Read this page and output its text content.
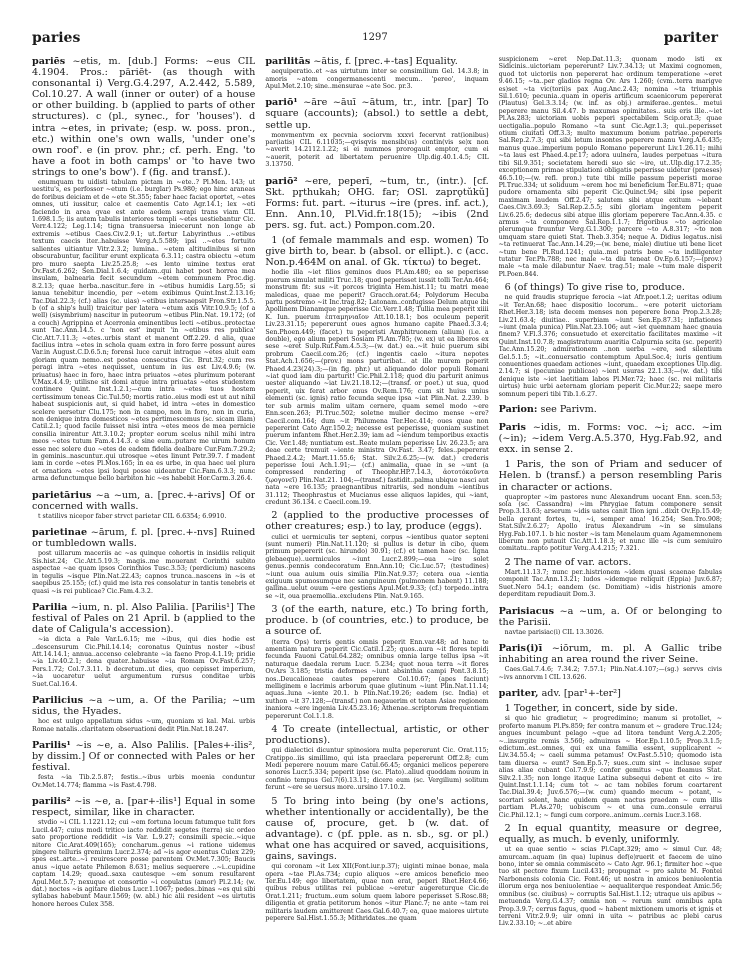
paries	1297	pariter

pariēs ~etis, m. [dub.] Forms: ~eus CIL 4.1904. Pros.: pāriēt- (as though with consonantal i) Verg.G.4.297, A.2.442, 5.589, Col.10.27. A wall (inner or outer) of a house or other building. b (applied to parts of other structures). c (pl., synec., for 'houses'). d intra ~etes, in private; (esp. w. poss. pron., etc.) within one's own walls, 'under one's own roof'. e (in prov. phr.; cf. perh. Eng. 'to have a foot in both camps' or 'to have two strings to one's bow'). f (fig. and transf.).

enumquam tu uidisti tabulam pictam in ~ete..? Pl.Men. 143; ut uestitu's, es perfossor ~etum (i.e. burglar) Ps.980; ego hinc araneas de foribus deiciam et de ~ete St.355; faber haec faciat oportet, ~etes omnes, uti iussitur, calce et caementis Cato Agr.14.1; lex ~eti faciendo in area qvae est ante aedem serapi trans viam CIL 1.698.1.5; iis autem tabulis interiores templi ~etes uestiebantur Cic. Verr.4.122; Leg.1.14; tigna transuersa iniecerunt non longe ab extremis ~etibus Caes.Civ.2.9.1; ut..fertur Labyrinthus ..~etibus textum caecis iter..habuisse Verg.A.5.589; ipsi ..~etes fortuito salientes uitiantur Vitr.2.3.2; lumina.. ~etem altitudinibus si non obscurabuntur, facilitur erunt explicata 6.3.11; castra obiectu ~etum pro muro saepta Liv.25.25.8; ~es lento uimine textus erat Ov.Fast.6.262; Sen.Dial.1.6.4; quidam..qui habet post horrea mea insulam, balnearia fecit secundum ~etem communem Proc.dig. 8.2.13; quae herba..nascitur..fere in ~etibus humidis Larg.55; si ianua tenebitur incendio, per ~etem exibimus Quint.Inst.2.13.16; Tac.Dial.22.3; (cf.) alias (sc. uias) ~etibus intersaepsit Fron.Str.1.5.5. b (of a ship's hull) traicitur per latera ~etum axis Vitr.10.9.5; (of a well) (sisymbrium) nascitur in puteorum ~etibus Plin.Nat. 19.172; (of a couch) Agrippina et Acerronia eminentibus lecti ~etibus..protectae sunt Tac.Ann.14.5. c 'non est' inquit 'in ~etibus res publica' Cic.Att.7.11.3; ~etes..urbis stant et manent Off.2.29. d alia, quae facilius intra ~etes in schola quam extra in foro ferre possunt aures Var.in August.C.D.6.5.n; forensi luce caruit intraque ~etes aluit eam gloriam quam nemo..est postea consecutus Cic. Brut.32; cum res peragi intra ~etes nequisset, uentum in ius est Liv.4.9.6; (w. priuatus) haec in foro, haec intra priuatos ~etes plurimum poterant V.Max.4.4.9; utilisne sit domi atque intra priuatas ~etes studentem continere Quint. Inst.1.2.1;—cum intra ~etes tuos hostem certissimum teneas Cic.Tul.50; mortis ratio..eius modi est ut aut nihil habeat suspicionis aut, si quid habet, id intra ~etes in domestico scelere uersetur Clu.175; non in campo, non in foro, non in curia, non denique intra domesticos ~etes pertimescemus (sc. sicam illam) Catil.2.1; quod facile fuisset nisi intra ~etes meos de mea pernicie consilia inirentur Att.3.10.2; propter eorum scelus nihil mihi intra meos ~etes tutum Fam.4.14.3. e sine eum..putare me uirum bonum esse nec solere duo ~etes de eadem fidelia dealbare Cur.Fam.7.29.2; in geminis..nascuntur..qui utrosque ~etes linunt Petr.39.7. f madent iam in corde ~etes Pl.Mos.165; in ea es urbe, in qua haec uel plura et ornatiora ~etes ipsi loqui posse uideantur Cic.Fam.6.3.3; nunc arma defunctumque bello barbiton hic ~es habebit Hor.Carm.3.26.4.

parietārius ~a ~um, a. [prec.+-arivs] Of or concerned with walls.

t statilivs nicepor faber strvct parietar CIL 6.6354; 6.9910.

parietinae ~ārum, f. pl. [prec.+-nvs] Ruined or tumbledown walls.

post uillarum maceriis ac ~as quinque cohortis in insidiis reliquit Sis.hist.24; Cic.Att.5.19.3; magis..me mouerant Corinthi subito aspectae ~ae quam ipsos Corinthios Tusc.3.53; (perdicium) nascens in tegulis ~isque Plin.Nat.22.43; capnos trunca..nascens in ~is et saepibus 25.155; (cf.) quid me ista res consolatur in tantis tenebris et quasi ~is rei publicae? Cic.Fam.4.3.2.

Parilia ~ium, n. pl. Also Palilia. [Parilis¹] The festival of Pales on 21 April. b (applied to the date of Caligula's accession).

~ia dicta a Pale Var.L.6.15; me ~ibus, qui dies hodie est ..descensurum Cic.Phil.14.14; coronatus Quintus noster ~ibus! Att.14.14.1; annua..accenso celebrante ~ia faeno Prop.4.1.19; pridie ~ia Liv.40.2.1; dena quater..habuisse ~ia Romam Ov.Fast.6.257; Pers.1.72; Col.7.3.11. b decretum..ut dies, quo cepisset imperium, ~ia uocaretur uelut argumentum rursus conditae urbis Suet.Cal.16.4.

Parilicius ~a ~um, a. Of the Parilia; ~um sidus, the Hyades.

hoc est uulgo appellatum sidus ~um, quoniam xi kal. Mai. urbis Romae natalis..claritatem obseruationi dedit Plin.Nat.18.247.

Parilis¹ ~is ~e, a. Also Palilis. [Pales+-ilis², by dissim.] Of or connected with Pales or her festival.

festa ~ia Tib.2.5.87; festis..~ibus urbis moenia conduntur Ov.Met.14.774; flamma ~is Fast.4.798.

parilis² ~is ~e, a. [par+-ilis¹] Equal in some respect, similar, like in character.

stvdio ~i CIL 1.1221.12; cui ~em fortuna locum fatumque tulit fors Lucil.447; cuius modi tritico iacto reddidit segetes (terra) sic ordeo sato proportione reddidit ~is Var. L.9.27; consimili specie..~ique nitore Cic.Arat.409(165); concharum..genus ~i ratione uidemus pingere telluris gremium Lucr.2.374; ad ~is agor euentus Culex 229; spes est..arte..~i reuirescere posse parentem Ov.Met.7.305; Baucis anus ~ique aetate Philemon 8.631; melius sequerere ..~i..cupidine captam 14.29; quoad..saxa cautesque ~em sonum resultarent Apul.Met.5.7; nexuque et consortio ~i copulatus (amor) Pl.2.14; (w. dat.) noctes ~is agitare diebus Lucr.1.1067; pedes..binas ~es qui sibi syllabas habebunt Maur.1569; (w. abl.) hic alii resident ~es uirtutis honore heroes Culex 358.

parilitās ~ātis, f. [prec.+-tas] Equality.

aequiperatio..et ~as uirtutum inter se consimilium Gel. 14.3.8; in amoris ~atem congermanescenti mecum.. 'pereo', inquam Apul.Met.2.10; sine..mensurae ~ate Soc. pr.3.

pariō¹ ~āre ~āuī ~ātum, tr., intr. [par] To square (accounts); (absol.) to settle a debt, settle up.

monvmentvm ex pecvnia sociorvm xxxvi fecervnt rat(ionibus) par(iatis) CIL 6.11035;—qvisqvis mensib(us) contin(vis se)x non ~averit 14.2112.1.22; si ei nummos prorogauit emptor, cum ei ~auerit, poterit ad libertatem peruenire Ulp.dig.40.1.4.5; CIL 3.13750.

pariō² ~ere, peperī, ~tum, tr., (intr.). [cf. Skt. pr̥thukah; OHG. far; OSl. zaprǫtŭkŭ] Forms: fut. part. ~iturus ~ire (pres. inf. act.), Enn. Ann.10, Pl.Vid.fr.18(15); ~ibis (2nd pers. sg. fut. act.) Pompon.com.20.

1 (of female mammals and esp. women) To give birth to, bear. b (absol. or ellipt.). c (acc. Non.p.464M on anal. of Gk. τίκτω) to beget.

hodie illa ~iet filios geminos duos Pl.Am.480; ea se peperisse puerum simulat militi Truc.18; quod peperisset iussit tolli Ter.An.464; monstrum fit: sus ~it porcos triginta Hem.hist.11; tu matri meae maledicas, quae me peperit? Gracch.orat.64; Polydorum Hecuba partu postremo ~it Inc.trag.82; Latonam..confugisse Delum atque ibi Apollinem Dianamque peperisse Cic.Verr.1.48; Tullia mea peperit xiiii K. Iun. puerum ἑπταμηνιαῖον Att.10.18.1; bos oculeum peperit Liv.23.31.15; pepererunt oues agnos humano capite Phaed.3.3.4; Sen.Phoen.449; (facet.) tu peperisti Amphitruonem (alium) (i.e. a double), ego alium peperi Sosiam Pl.Am.785; (w. ex) ut ea liberos ex sese ~eret Sulp.Ruf.Fam.4.5.3;—(w. dat.) ea..~it huic puerum sibi probrum Caecil.com.26; (cf.) ingentis caelo ~itura nepotes Stat.Ach.1.656;—(prov.) mons parturibat.. at ille murem peperit Phaed.4.23(24).3;—(in fig. phr.) ut aliquando dolor populi Romani ~iat quod iam diu parturit! Cic.Phil.2.118; quod diu parturit animus uester aliquando ~iat Liv.21.18.12;—(transf. or poet.) ut sua, quod peperit, uix ferat arbor onus Ov.Rem.176; cum sit huius unius elementi (sc. ignis) ratio fecunda seque ipsa ~iat Plin.Nat. 2.239. b ter sub armis malim uitam cernere, quam semel modo ~ere Enn.scen.263; Pl.Truc.502; soletne mulier decimo mense ~ere? Caecil.com.164; dum ~it Philumena Ter.Hec.414; oues quae non pepererint Cato Agr.150.2; necesse est peperisse, quoniam sustinet puerum infantem Rhet.Her.2.39; iam ad ~iendum temporibus exactis Cic. Ver.1.48; nuntiatum est..Reate mulam peperisse Liv. 26.23.5; ara deae certe tremuit ~iente ministra Ov.Fast. 3.47; feles..pepererat Phaed.2.4.2; Mart.11.55.6; Stat. Silv.2.6.25;—(w. dat.) crederis peperisse Ioui Ach.1.91;— (cf.) animalia, quae in se ~unt (a compressed rendering of Theophr.HP.7.14.3, ἀοτοτόκοῦντα ζῳογονεῖ) Plin.Nat.21. 104;—(transf.) fastidit..palma ubique nasci aut nata ~ere 16.135; praegnantibus nitrariis, sed nondum ~ientibus 31.112; Theophrastus et Mucianus esse aliquos lapides, qui ~iant, credunt 36.134. c Caecil.com.19.

2 (applied to the productive processes of other creatures; esp.) to lay, produce (eggs).

culici et uermiculis ter septeni, corpus ~ientibus quator septeni (sunt numeri) Plin.Nat.11.120; si pullus is detur in cibo, quem primum pepererit (sc. hirundo) 30.91; (cf.) et tamen haec (sc. ligna glebaeque)..uermiculos ~iunt Lucr.2.899;—oua ~ire solet genus..pennis condecoratum Enn.Ann.10; Cic.Luc.57; (testudines) ~iunt oua auium ouis similia Plin.Nat.9.37; cetera oua ~ientia exiguum spumosumque nec sanguineum (pulmonem habent) 11.188; gallina..uelut ouum ~ere gestiens Apul.Met.9.33; (cf.) torpedo..intra se ~it, oua praemollia..excludens Plin. Nat.9.165.

3 (of the earth, nature, etc.) To bring forth, produce. b (of countries, etc.) to produce, be a source of.

(terra Ops) terris gentis omnis peperit Enn.var.48; ad hanc te amentiam natura peperit Cic.Catil.1.25; quos..aura ~it flores tepidi fecunda Fauoni Catul.64.282; omnibus omnia large tellus ipsa ~it naturaque daedala rerum Lucr. 5.234; quot noua terra ~it flores Ov.Ars 3.185; tristia deformes ~iunt absinthia campi Pont.3.8.15; nos..Deucalioneae cautes peperere Col.10.67; (apes faciunt) melliginem e lacrimis arborum quae glutinum ~iunt Plin.Nat.11.14; aquas..luna ~iente 20.1. b Plin.Nat.19.26; eadem (sc. India) et xuthon ~it 37.128;—(transf.) non negauerim et totam Asiae regionem inaniora ~ere ingenia Liv.45.23.16; Athenae..scriptorum frequentiam pepererunt Col.1.1.8.

4 To create (intellectual, artistic, or other productions).

qui dialectici dicuntur spinosiora multa pepererunt Cic. Orat.115; Cratippo..iis simillimo, qui ista praeclara pepererunt Off.2.8; cum Medi peperere nouum mare Catul.66.45; organici melicos peperere sonores Lucr.5.334; peperit ipse (sc. Plato)..aliud quoddam nouum in confinio tempus Gel.7(6).13.11; dicere eum (sc. Vergilium) solitum ferunt ~ere se uersus more..ursino 17.10.2.

5 To bring into being (by one's actions, whether intentionally or accidentally), be the cause of, procure, get. b (w. dat. of advantage). c (pf. pple. as n. sb., sg. or pl.) what one has acquired or saved, acquisitions, gains, savings.

qui coronam ~it Lex XII(Font.iur.p.37); uiginti minae bonae, mala opera ~tae Pl.As.734; cupio aliquos ~ere amicos beneficio meo Ter.Eu.149; ego libertatem, quae non erat, peperi Rhet.Her.4.66; quibus rebus utilitas rei publicae ~eretur augereturque Cic.de Orat.1.211; fructum..eum solum quem labore peperisset S.Rosc.88; diligentia et gratia petitorum honos ~itur Planc.7; ne ante ~tam rei militaris laudem amitterent Caes.Gal.6.40.7; ea, quae maiores uirtute peperere Sal.Hist.1.55.3; Mithridates..ne quam

suspicionem ~eret Nep.Dat.11.3; quonam modo isti ex Sidicinis..uictoriam pepererunt? Liv.7.34.13; ut Maximi cognomen, quod tot uictoriis non pepererat hac ordinum temperatione ~eret 9.46.15; ~ta..per gladios regna Ov. Ars 1.260; (cvm..terra marigve es)set ~ta vic(torii)s pax Aug.Anc.2.43; nomina ~ta triumphis Sil.1.610; pecunia..quam in operis artificum scaenicorum pepererat (Plautus) Gel.3.3.14; (w. inf. as obj.) armiferae..gentes.. metui peperere manu Sil.4.47. b maxumas opimitates.. suis eris ille..~iet Pl.As.283; uictoriam uobis peperi spectabilem Scip.orat.3; quae uectigalia..populo Romano ~ta sunt Cic.Agr.1.3; qui..peperisset otium ciuitati Off.3.3; multo maxumum bonum patriae..pepereris Sal.Rep.2.7.3; qui sibi letum insontes peperere manu Verg.A.6.435; manus quae..imperium populo Romano pepererunt Liv.1.26.11; mihi ~ta laus est Phaed.4.pr.17; adora uulnera, laudes perpetuas ~itura tibi Sil.9.351; societatem heredi suo sic ~ire, ut..Ulp.dig.17.2.35; exceptionem primae stipulationi obligatis peperisse uidetur (praeses) 46.5.10;—(w. refl. pron.) tute tibi mille passum peperisti morae Pl.Truc.334; ut soliduum ~erem hoc mi beneficium Ter.Eu.871; quae pudore ornamenta sibi peperit Cic.Quinct.94; sibi ipse peperit maximam laudem Off.2.47; salutem sibi atque exitum ~iebant Caes.Civ.3.69.3; Sal.Rep.2.5.5; sibi gloriam ingentem peperit Liv.6.25.6; dedecus sibi atque illis gloriam peperere Tac.Ann.4.35. c armus ~ta componere Sal.Rep.1.1.7; frigoribus ~to agricolae plerumque fruuntur Verg.G.1.300; parcere ~to A.8.317; ~to non umquam stare quieti Stat. Theb.3.354; neque A. Didius legatus..nisi ~ta retinuerat Tac.Ann.14.29;—(w. bene, male) diutiue uti bene licet ~tum bene Pl.Rud.1241; quia..mei patris bene ~ta indiligenter tutatur Ter.Ph.788; nec male ~ta diu teneat Ov.Ep.6.157;—(prov.) male ~ta male dilabuntur Naev. trag.51; male ~tum male disperit Pl.Poen.844.

6 (of things) To give rise to, produce.

ne quid fraudis stuprique ferocia ~iat Afr.poet.1.2; ueritas odium ~it Ter.An.68; haec dispositio locorum.. ~ere poterit uictoriam Rhet.Her.3.18; ista decem menses non peperere bona Prop.2.3.28; Liv.21.63.4; diuitiae.. superbiam ~iunt Sen.Ep.87.31; inflationes ~iunt (mala punica) Plin.Nat.23.106; aut ~iet quemnam haec gnauia finem? V.Fl.3.376; consuetudo et exercitatio facilitates maxime ~it Quint.Inst.10.7.8; magistratuum auaritia Calpurnia scita (sc. peperit) Tac.Ann.15.20; admirationem ..non uerba ~ere, sed silentium Gel.5.1.5; ~it..conuersatio contemptum Apul.Soc.4; iuris gentium conuentiones quaedam actiones ~iunt, quaedam exceptiones Ulp.dig. 2.14.7; si (pecuniae publicae) ~ient usuras 22.1.33;—(w. dat.) tibi denique iste ~iet laetitiam labos Pl.Mer.72; haec (sc. rei militaris uirtus) huic urbi aeternam gloriam peperit Cic.Mur.22; saepe mero somnum peperi tibi Tib.1.6.27.

Parion: see Parivm.

Paris ~idis, m. Forms: voc. ~i; acc. ~im (~in); ~idem Verg.A.5.370, Hyg.Fab.92, and exx. in sense 2.

1 Paris, the son of Priam and seducer of Helen. b (transf.) a person resembling Paris in character or actions.

quapropter ~im pastores nunc Alexandrum uocant Enn. scen.53; sola (sc. Cassandra) ~im Phrygiae fatum componere sensit Prop.3.13.63; arserum ~idis uates canit Ilion igni ..dixit Ov.Ep.15.49; bella gerant fortes, tu, ~i, semper ama! 16.254; Sen.Tro.908; Stat.Silv.2.6.27; Apollo iratus Alexandrum ~in se simulans Hyg.Fab.107.1. b hic noster ~is tam Menelaum quam Agamemnonem liberum non putauit Cic.Att.1.18.3; et nunc ille ~is cum semiuiro comitatu..rapto potitur Verg.A.4.215; 7.321.

2 The name of var. actors.

Mart.11.13.7; nunc per..histrionem ~idem quasi scaenae fabulas componit Tac.Ann.13.21; ludos ~idemque reliquit (Eppia) Juv.6.87; Suet.Nero 54.1; eandem (sc. Domitiam) ~idis histrionis amore deperditam repudiauit Dom.3.

Parisiacus ~a ~um, a. Of or belonging to the Parisii.

navtae parisiac(i) CIL 13.3026.

Paris(i)ī ~iōrum, m. pl. A Gallic tribe inhabiting an area round the river Seine.

Caes.Gal.7.4.6; 7.34.2; 7.57.1; Plin.Nat.4.107;—(sg.) servvs civis ~ivs annorvm l CIL 13.626.

pariter, adv. [par¹+-ter²]

1 Together, in concert, side by side.

si quo hic gradietur, ~ progredimino; manum si protollet, ~ proferto manum Pl.Ps.859; fer contra manum et ~ gradere Truc.124; angues incumbunt pelago ~que ad litora tendunt Verg.A.2.205; ~..insurgite remis 3.560; adnuimus ~ Hor.Ep.1.10.5; Prop.3.1.5; edictum..est..omnes, qui ex una familia essent, supplicarent ~ Liv.34.55.4; ~ caeli summa petamus! Ov.Fast.5.510; quomodo ista tam diuersa ~ eunt? Sen.Ep.5.7; sues..cum sint ~ inclusae super alias aliae cubant Col.7.9.9; confer gemitus ~que fleamus Stat. Silv.2.1.35; non longe itaque Latina subsequi debent et cito ~ ire Quint.Inst.1.1.14; cum tot ~ ac tam nobiles forum coartarent Tac.Dial.39.4; Juv.6.576;—(w. cum) quando mecum ~ potant, ~ scortari solent, hanc quidem quam nactus praedam ~ cum illis partiam Pl.As.270; uobiscum ~ et una cum..consule errarui Cic.Phil.12.1; ~ fungi cum corpore..animum..cernis Lucr.3.168.

2 In equal quantity, measure or degree, equally, as much. b evenly, uniformly.

ut ea quae sentio ~ scias Pl.Capt.329; amo ~ simul Cur. 48; amurcam..aquam (in qua) lupinus def(e)ruerit et faecem de uino bono, inter se omnia commisceto ~ Cato Agr. 96.1; firmiter hoc ~que tuo sit pectore fixum Lucil.431; propugnat ~ pro salute M. Fontei Narbonensis colonia Cic. Font.46; ut nostra in amicos beniuolentia illorum erga nos beniuolentiae ~ aequaliterque respondeat Amic.56; omnibus (sc. ciuibus) ~ corruptis Sal.Hist.1.12; utraque uis apibus ~ metuenda Verg.G.4.37; omnia non ~ rerum sunt omnibus apta Prop.3.9.7; cerrus fagus, quod ~ habent mixtionem umoris et ignis et terreni Vitr.2.9.9; uir omni in uita ~ patribus ac plebi carus Liv.2.33.10; ~..et abire
